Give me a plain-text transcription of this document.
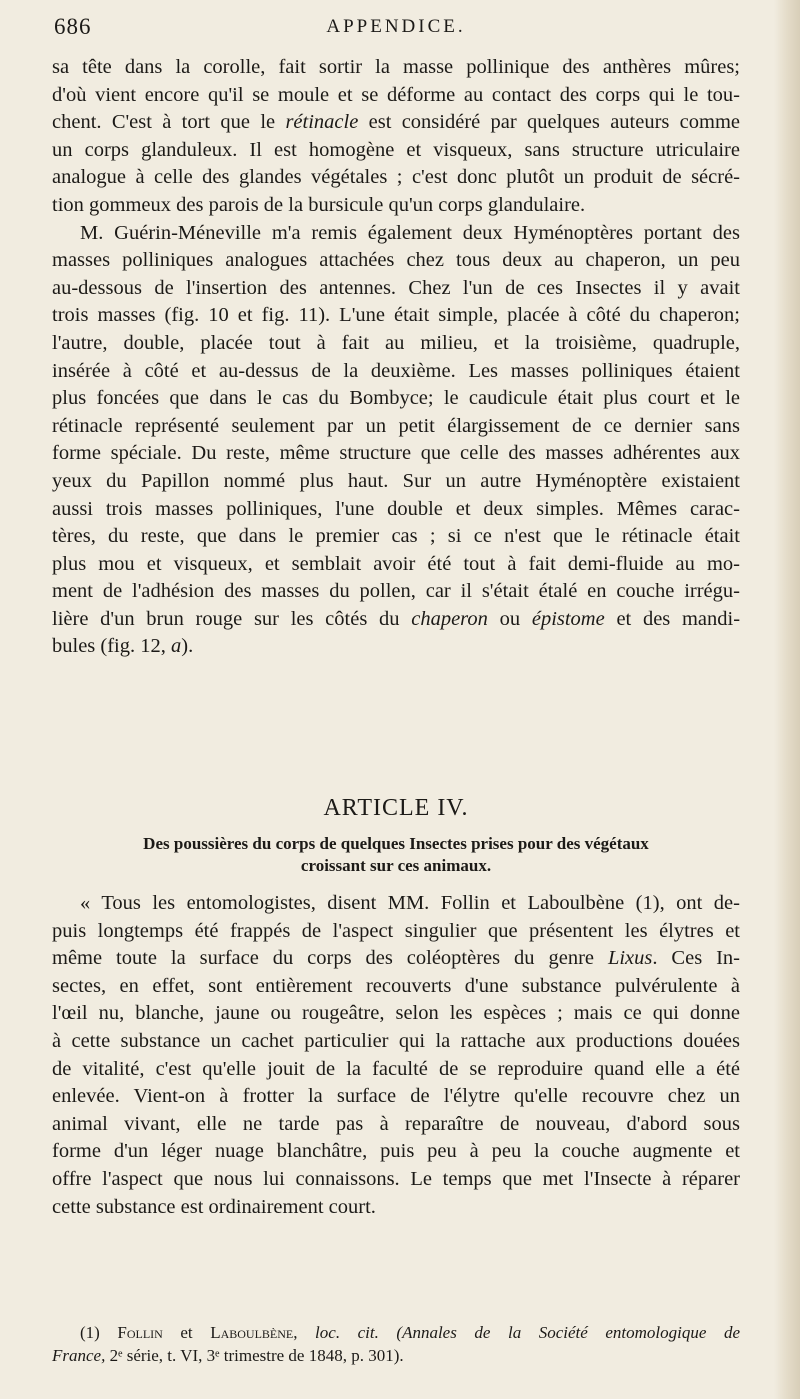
686	APPENDICE.
sa tête dans la corolle, fait sortir la masse pollinique des anthères mûres;
d'où vient encore qu'il se moule et se déforme au contact des corps qui le tou-
chent. C'est à tort que le rétinacle est considéré par quelques auteurs comme
un corps glanduleux. Il est homogène et visqueux, sans structure utriculaire
analogue à celle des glandes végétales ; c'est donc plutôt un produit de sécré-
tion gommeux des parois de la bursicule qu'un corps glandulaire.
M. Guérin-Méneville m'a remis également deux Hyménoptères portant des
masses polliniques analogues attachées chez tous deux au chaperon, un peu
au-dessous de l'insertion des antennes. Chez l'un de ces Insectes il y avait
trois masses (fig. 10 et fig. 11). L'une était simple, placée à côté du chaperon;
l'autre, double, placée tout à fait au milieu, et la troisième, quadruple,
insérée à côté et au-dessus de la deuxième. Les masses polliniques étaient
plus foncées que dans le cas du Bombyce; le caudicule était plus court et le
rétinacle représenté seulement par un petit élargissement de ce dernier sans
forme spéciale. Du reste, même structure que celle des masses adhérentes aux
yeux du Papillon nommé plus haut. Sur un autre Hyménoptère existaient
aussi trois masses polliniques, l'une double et deux simples. Mêmes carac-
tères, du reste, que dans le premier cas ; si ce n'est que le rétinacle était
plus mou et visqueux, et semblait avoir été tout à fait demi-fluide au mo-
ment de l'adhésion des masses du pollen, car il s'était étalé en couche irrégu-
lière d'un brun rouge sur les côtés du chaperon ou épistome et des mandi-
bules (fig. 12, a).
ARTICLE IV.
Des poussières du corps de quelques Insectes prises pour des végétaux
croissant sur ces animaux.
« Tous les entomologistes, disent MM. Follin et Laboulbène (1), ont de-
puis longtemps été frappés de l'aspect singulier que présentent les élytres et
même toute la surface du corps des coléoptères du genre Lixus. Ces In-
sectes, en effet, sont entièrement recouverts d'une substance pulvérulente à
l'œil nu, blanche, jaune ou rougeâtre, selon les espèces ; mais ce qui donne
à cette substance un cachet particulier qui la rattache aux productions douées
de vitalité, c'est qu'elle jouit de la faculté de se reproduire quand elle a été
enlevée. Vient-on à frotter la surface de l'élytre qu'elle recouvre chez un
animal vivant, elle ne tarde pas à reparaître de nouveau, d'abord sous
forme d'un léger nuage blanchâtre, puis peu à peu la couche augmente et
offre l'aspect que nous lui connaissons. Le temps que met l'Insecte à réparer
cette substance est ordinairement court.
(1) Follin et Laboulbène, loc. cit. (Annales de la Société entomologique de
France, 2ᵉ série, t. VI, 3ᵉ trimestre de 1848, p. 301).
